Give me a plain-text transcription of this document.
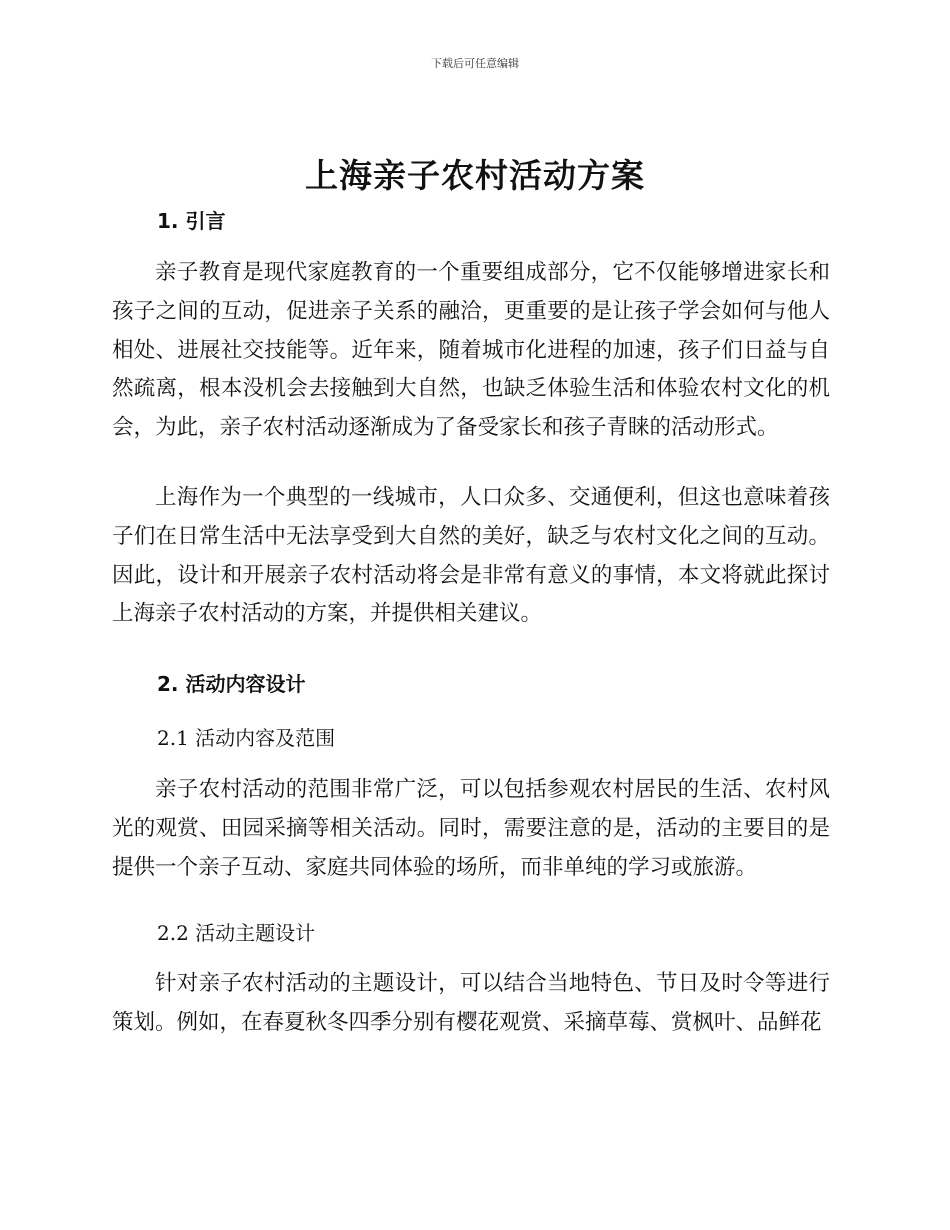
下载后可任意编辑
上海亲子农村活动方案
1. 引言

亲子教育是现代家庭教育的一个重要组成部分，它不仅能够增进家长和孩子之间的互动，促进亲子关系的融洽，更重要的是让孩子学会如何与他人相处、进展社交技能等。近年来，随着城市化进程的加速，孩子们日益与自然疏离，根本没机会去接触到大自然，也缺乏体验生活和体验农村文化的机会，为此，亲子农村活动逐渐成为了备受家长和孩子青睐的活动形式。

上海作为一个典型的一线城市，人口众多、交通便利，但这也意味着孩子们在日常生活中无法享受到大自然的美好，缺乏与农村文化之间的互动。因此，设计和开展亲子农村活动将会是非常有意义的事情，本文将就此探讨上海亲子农村活动的方案，并提供相关建议。

2. 活动内容设计
2.1 活动内容及范围

亲子农村活动的范围非常广泛，可以包括参观农村居民的生活、农村风光的观赏、田园采摘等相关活动。同时，需要注意的是，活动的主要目的是提供一个亲子互动、家庭共同体验的场所，而非单纯的学习或旅游。

2.2 活动主题设计

针对亲子农村活动的主题设计，可以结合当地特色、节日及时令等进行策划。例如，在春夏秋冬四季分别有樱花观赏、采摘草莓、赏枫叶、品鲜花
